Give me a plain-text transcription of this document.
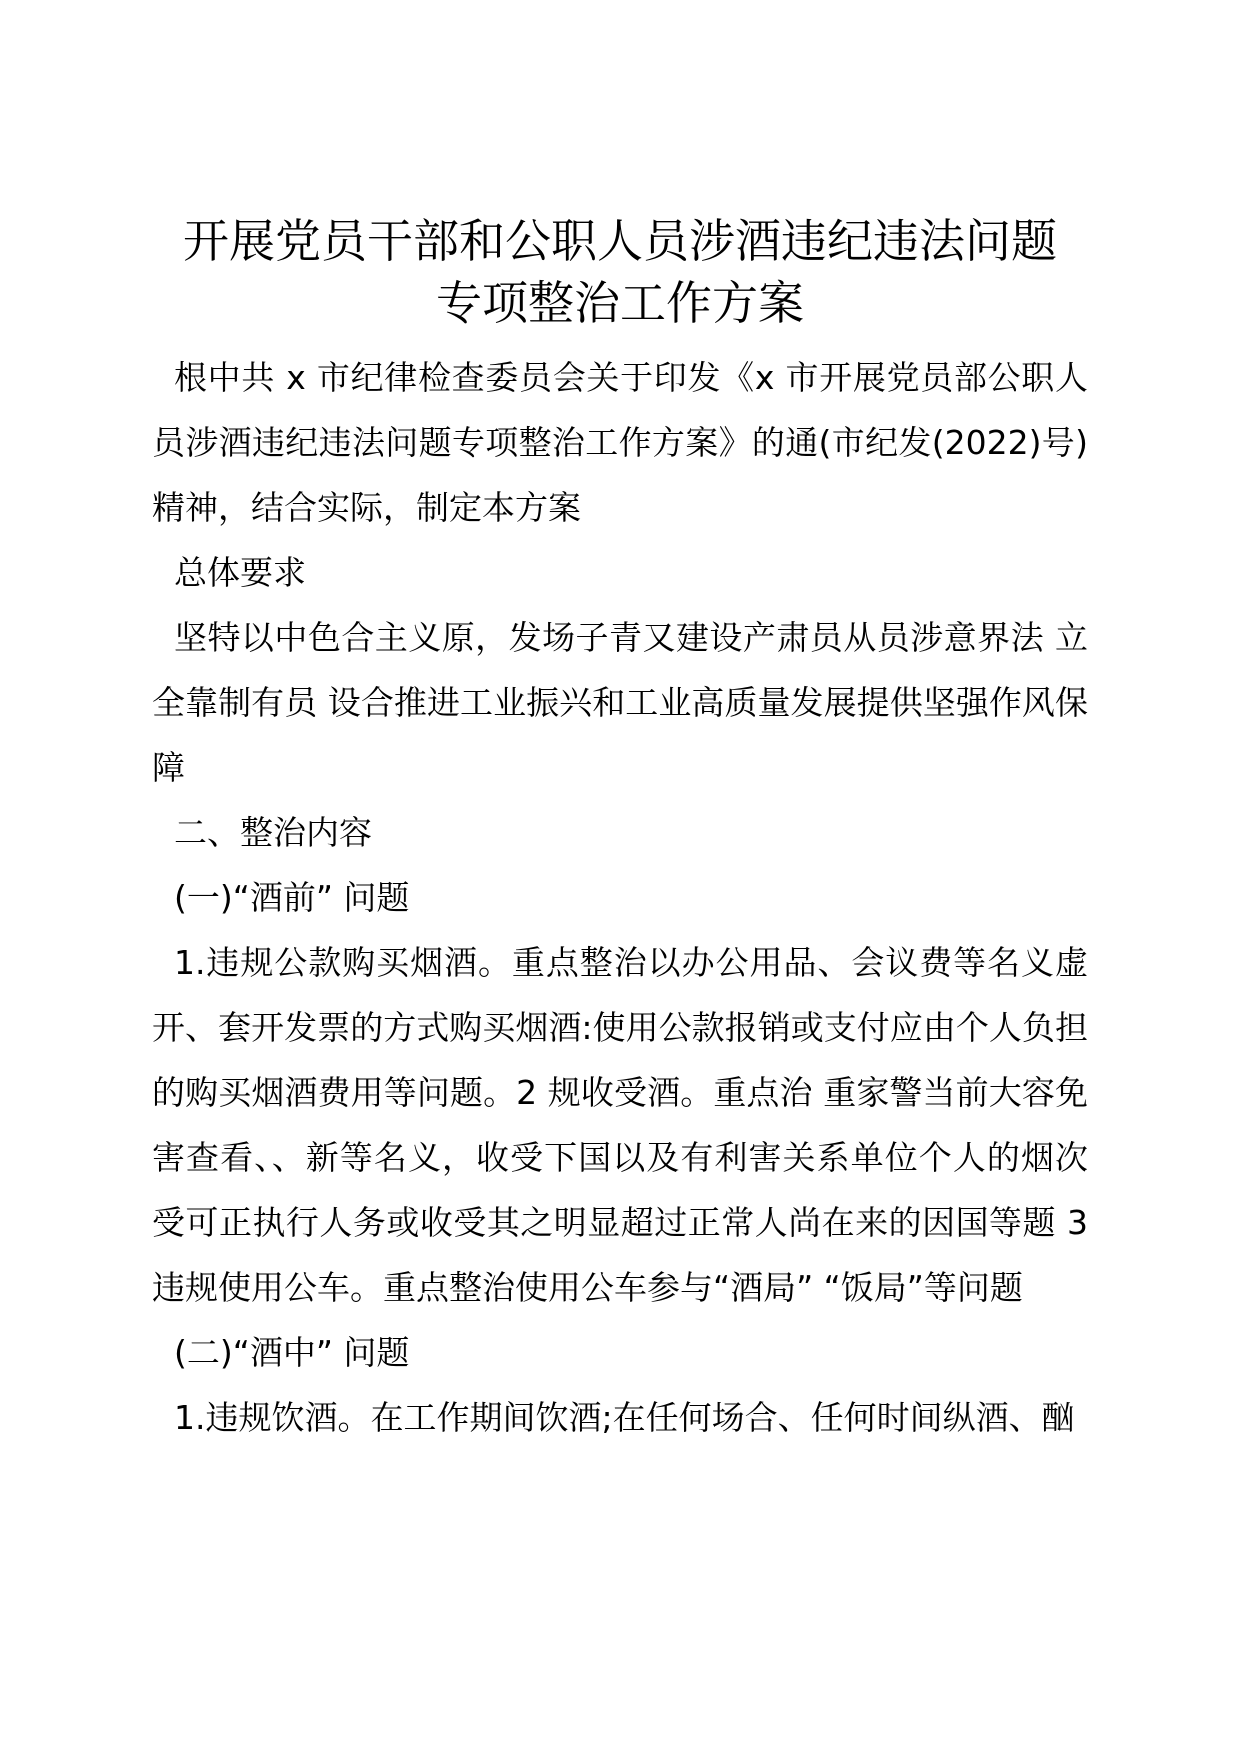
开展党员干部和公职人员涉酒违纪违法问题
专项整治工作方案

根中共 x 市纪律检查委员会关于印发《x 市开展党员部公职人员涉酒违纪违法问题专项整治工作方案》的通(市纪发(2022)号)精神，结合实际，制定本方案

总体要求

坚特以中色合主义原，发场子青又建设产肃员从员涉意界法 立全靠制有员 设合推进工业振兴和工业高质量发展提供坚强作风保障

二、整治内容

(一)“酒前” 问题

1.违规公款购买烟酒。重点整治以办公用品、会议费等名义虚开、套开发票的方式购买烟酒:使用公款报销或支付应由个人负担的购买烟酒费用等问题。2 规收受酒。重点治 重家警当前大容免害查看、、新等名义，收受下国以及有利害关系单位个人的烟次受可正执行人务或收受其之明显超过正常人尚在来的因国等题 3 违规使用公车。重点整治使用公车参与“酒局” “饭局”等问题

(二)“酒中” 问题

1.违规饮酒。在工作期间饮酒;在任何场合、任何时间纵酒、酗
